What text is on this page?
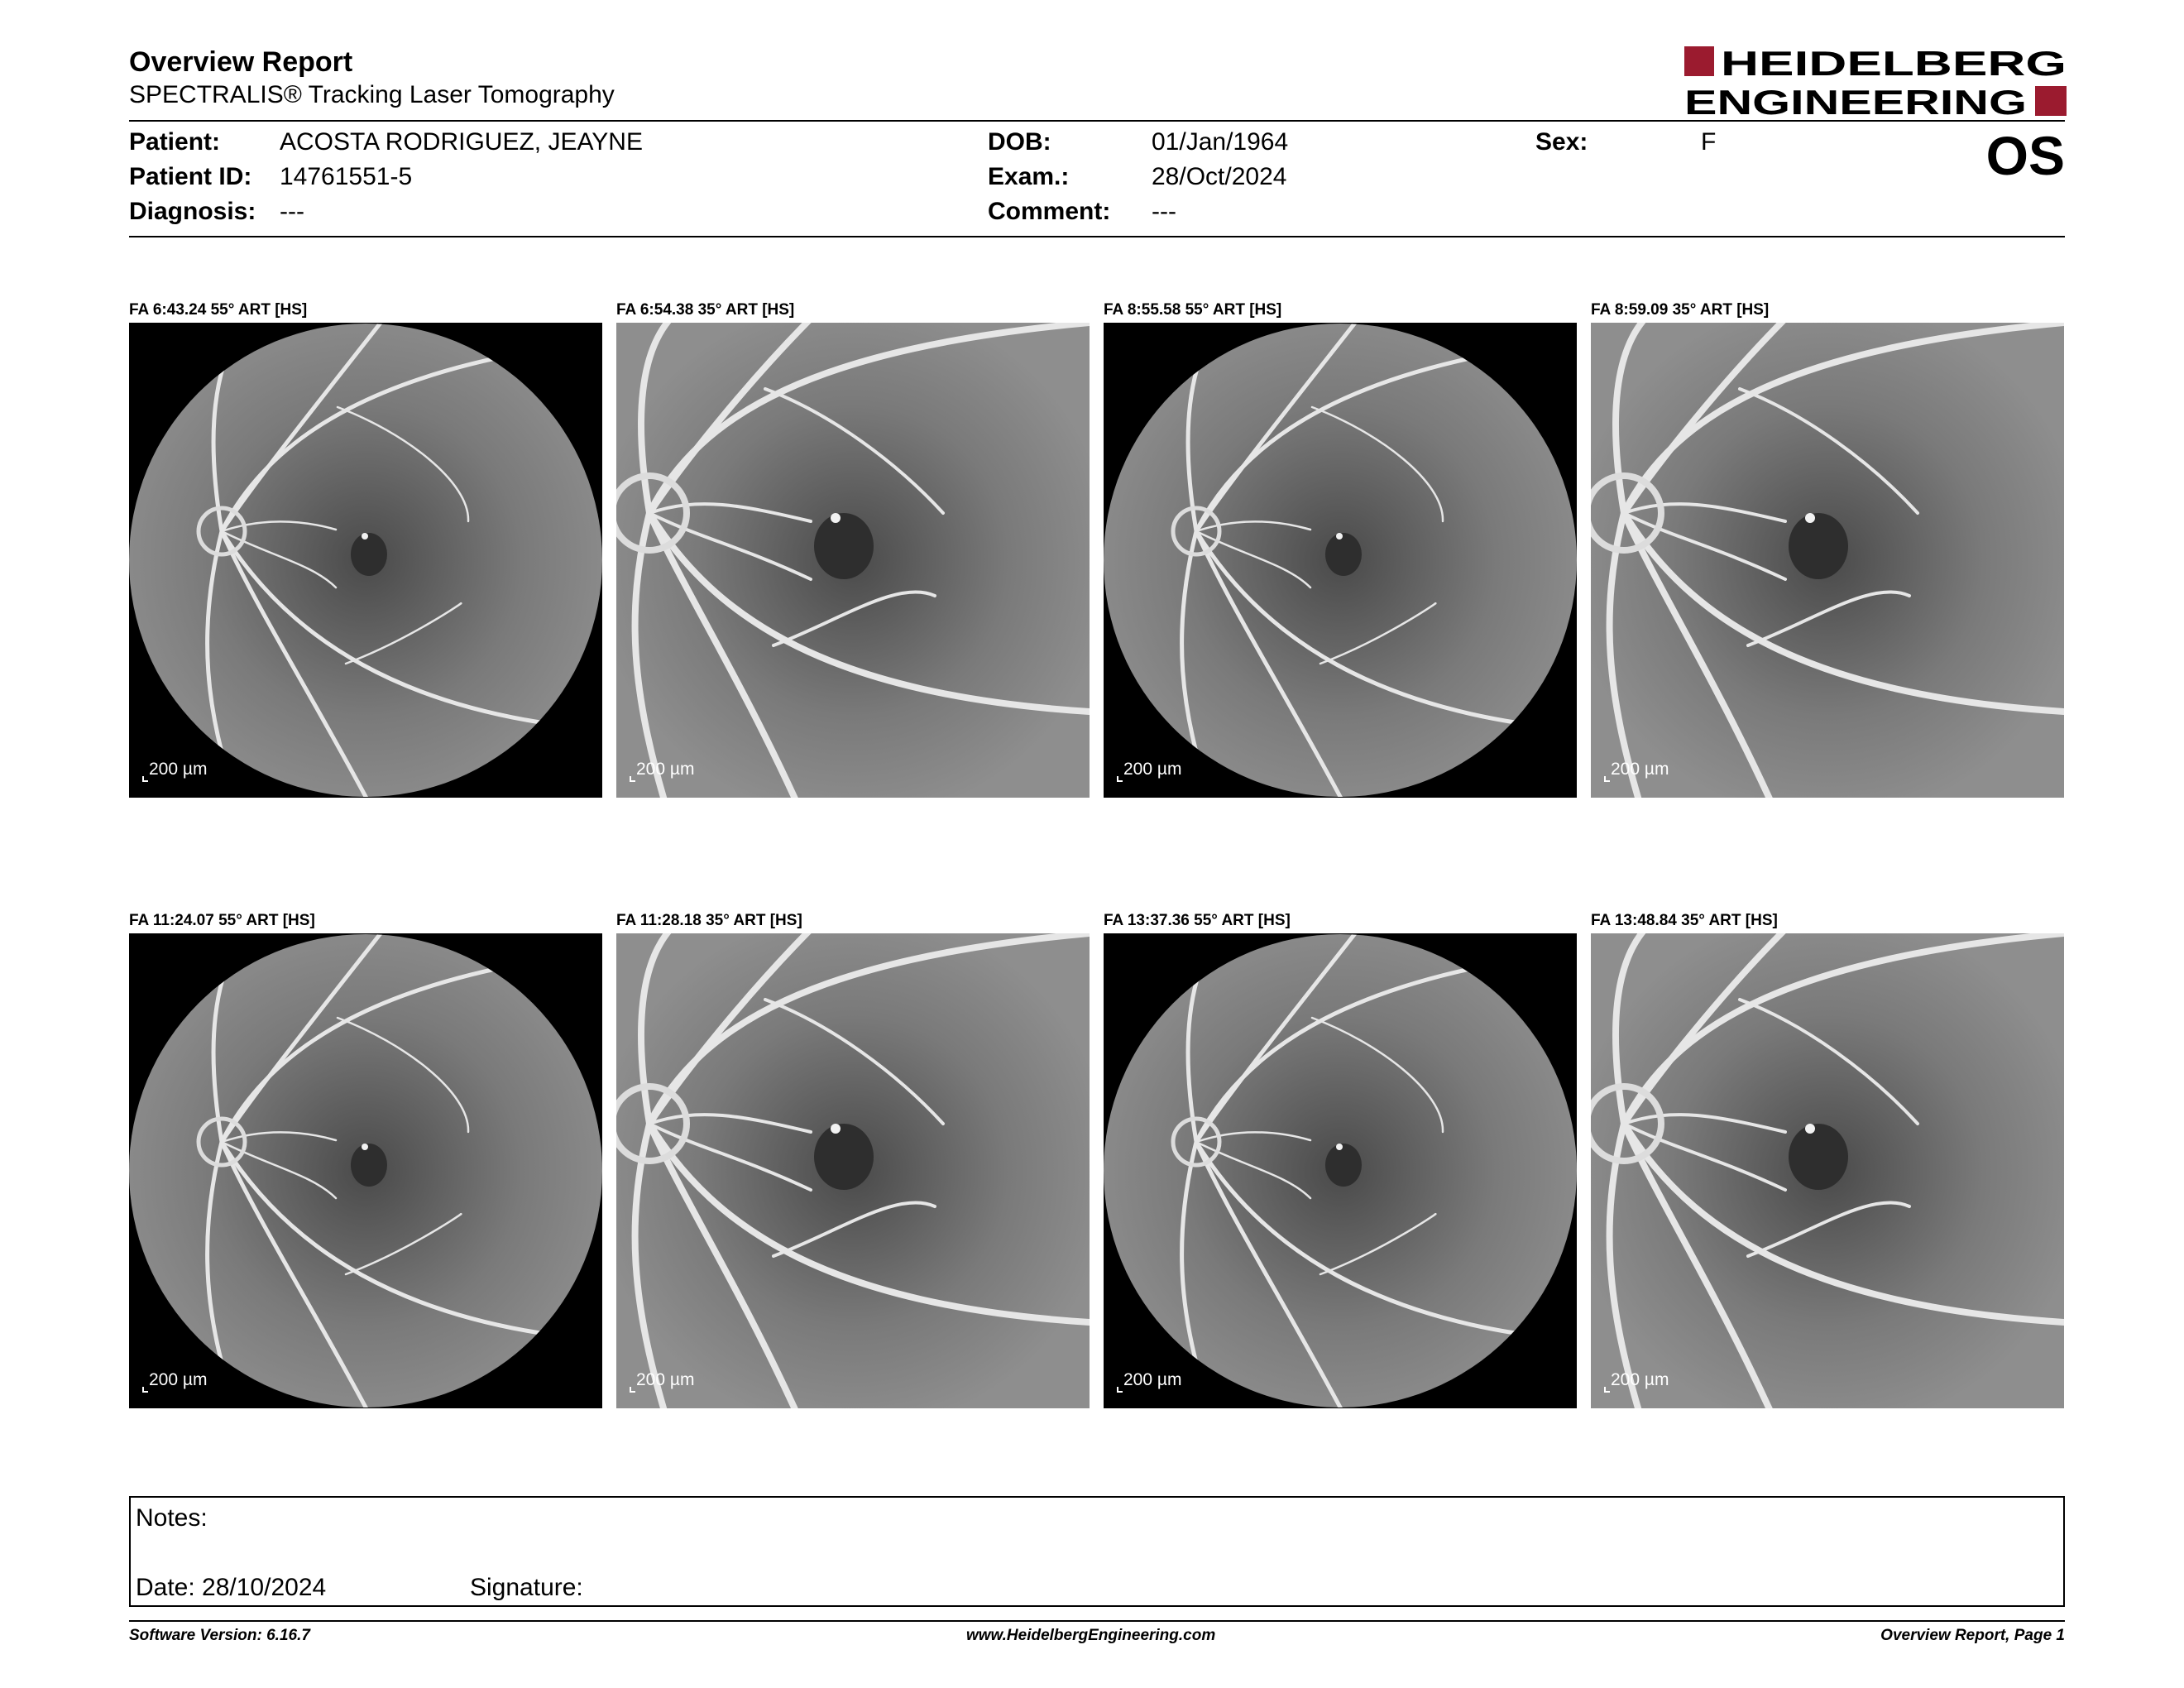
Overview Report
SPECTRALIS® Tracking Laser Tomography
HEIDELBERG
ENGINEERING
OS
Patient: ACOSTA RODRIGUEZ, JEAYNE
Patient ID: 14761551-5
Diagnosis: ---
DOB:	01/Jan/1964
Exam.:	28/Oct/2024
Comment: ---
Sex:	F
FA 6:43.24 55° ART [HS]
200 µm
FA 6:54.38 35° ART [HS]
200 µm
FA 8:55.58 55° ART [HS]
200 µm
FA 8:59.09 35° ART [HS]
200 µm
FA 11:24.07 55° ART [HS]
200 µm
FA 11:28.18 35° ART [HS]
200 µm
FA 13:37.36 55° ART [HS]
200 µm
FA 13:48.84 35° ART [HS]
200 µm
Notes:
Date: 28/10/2024	Signature:
Software Version: 6.16.7	www.HeidelbergEngineering.com	Overview Report, Page 1
